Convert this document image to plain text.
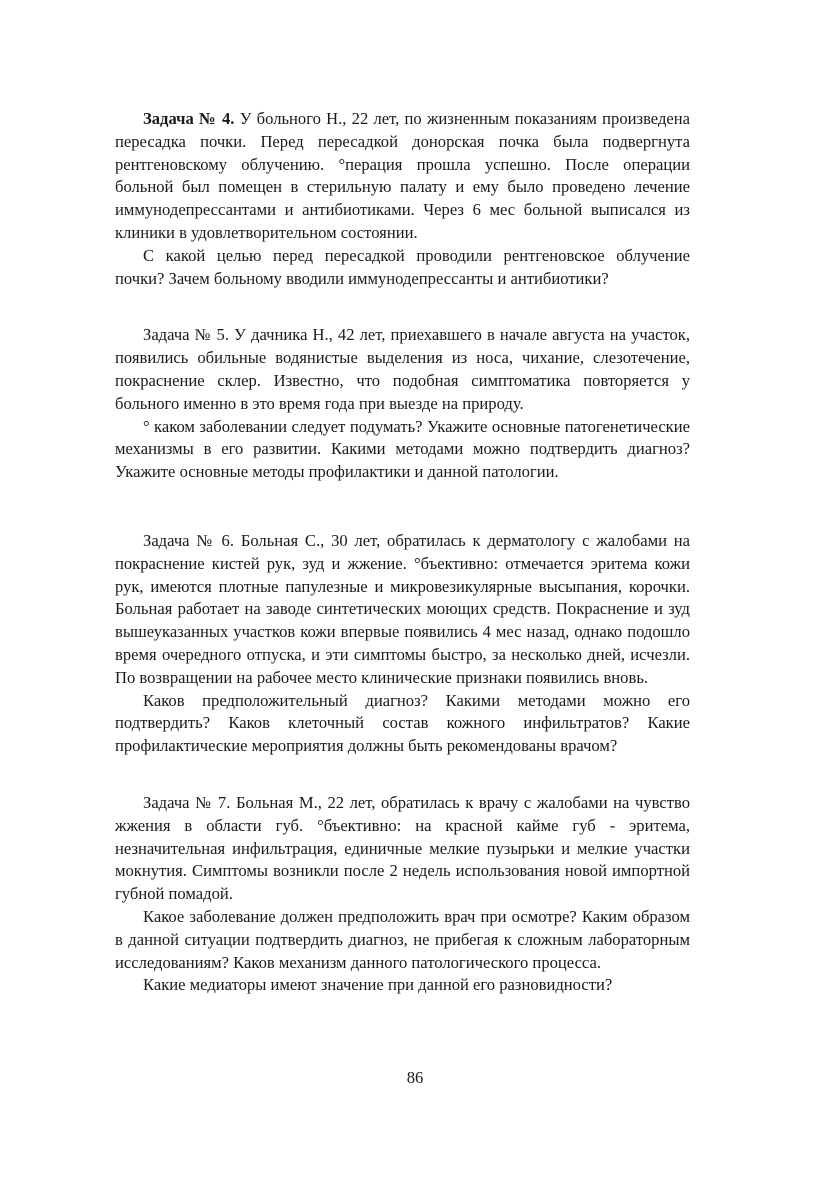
Задача № 4. У больного Н., 22 лет, по жизненным показаниям произведена пересадка почки. Перед пересадкой донорская почка была подвергнута рентгеновскому облучению. °перация прошла успешно. После операции больной был помещен в стерильную палату и ему было проведено лечение иммунодепрессантами и антибиотиками. Через 6 мес больной выписался из клиники в удовлетворительном состоянии.

С какой целью перед пересадкой проводили рентгеновское облучение почки? Зачем больному вводили иммунодепрессанты и антибиотики?

Задача № 5. У дачника Н., 42 лет, приехавшего в начале августа на участок, появились обильные водянистые выделения из носа, чихание, слезотечение, покраснение склер. Известно, что подобная симптоматика повторяется у больного именно в это время года при выезде на природу.

° каком заболевании следует подумать? Укажите основные патогенетические механизмы в его развитии. Какими методами можно подтвердить диагноз? Укажите основные методы профилактики и данной патологии.

Задача № 6. Больная С., 30 лет, обратилась к дерматологу с жалобами на покраснение кистей рук, зуд и жжение. °бъективно: отмечается эритема кожи рук, имеются плотные папулезные и микровезикулярные высыпания, корочки. Больная работает на заводе синтетических моющих средств. Покраснение и зуд вышеуказанных участков кожи впервые появились 4 мес назад, однако подошло время очередного отпуска, и эти симптомы быстро, за несколько дней, исчезли. По возвращении на рабочее место клинические признаки появились вновь.

Каков предположительный диагноз? Какими методами можно его подтвердить? Каков клеточный состав кожного инфильтратов? Какие профилактические мероприятия должны быть рекомендованы врачом?

Задача № 7. Больная М., 22 лет, обратилась к врачу с жалобами на чувство жжения в области губ. °бъективно: на красной кайме губ - эритема, незначительная инфильтрация, единичные мелкие пузырьки и мелкие участки мокнутия. Симптомы возникли после 2 недель использования новой импортной губной помадой.

Какое заболевание должен предположить врач при осмотре? Каким образом в данной ситуации подтвердить диагноз, не прибегая к сложным лабораторным исследованиям? Каков механизм данного патологического процесса.

Какие медиаторы имеют значение при данной его разновидности?

86
